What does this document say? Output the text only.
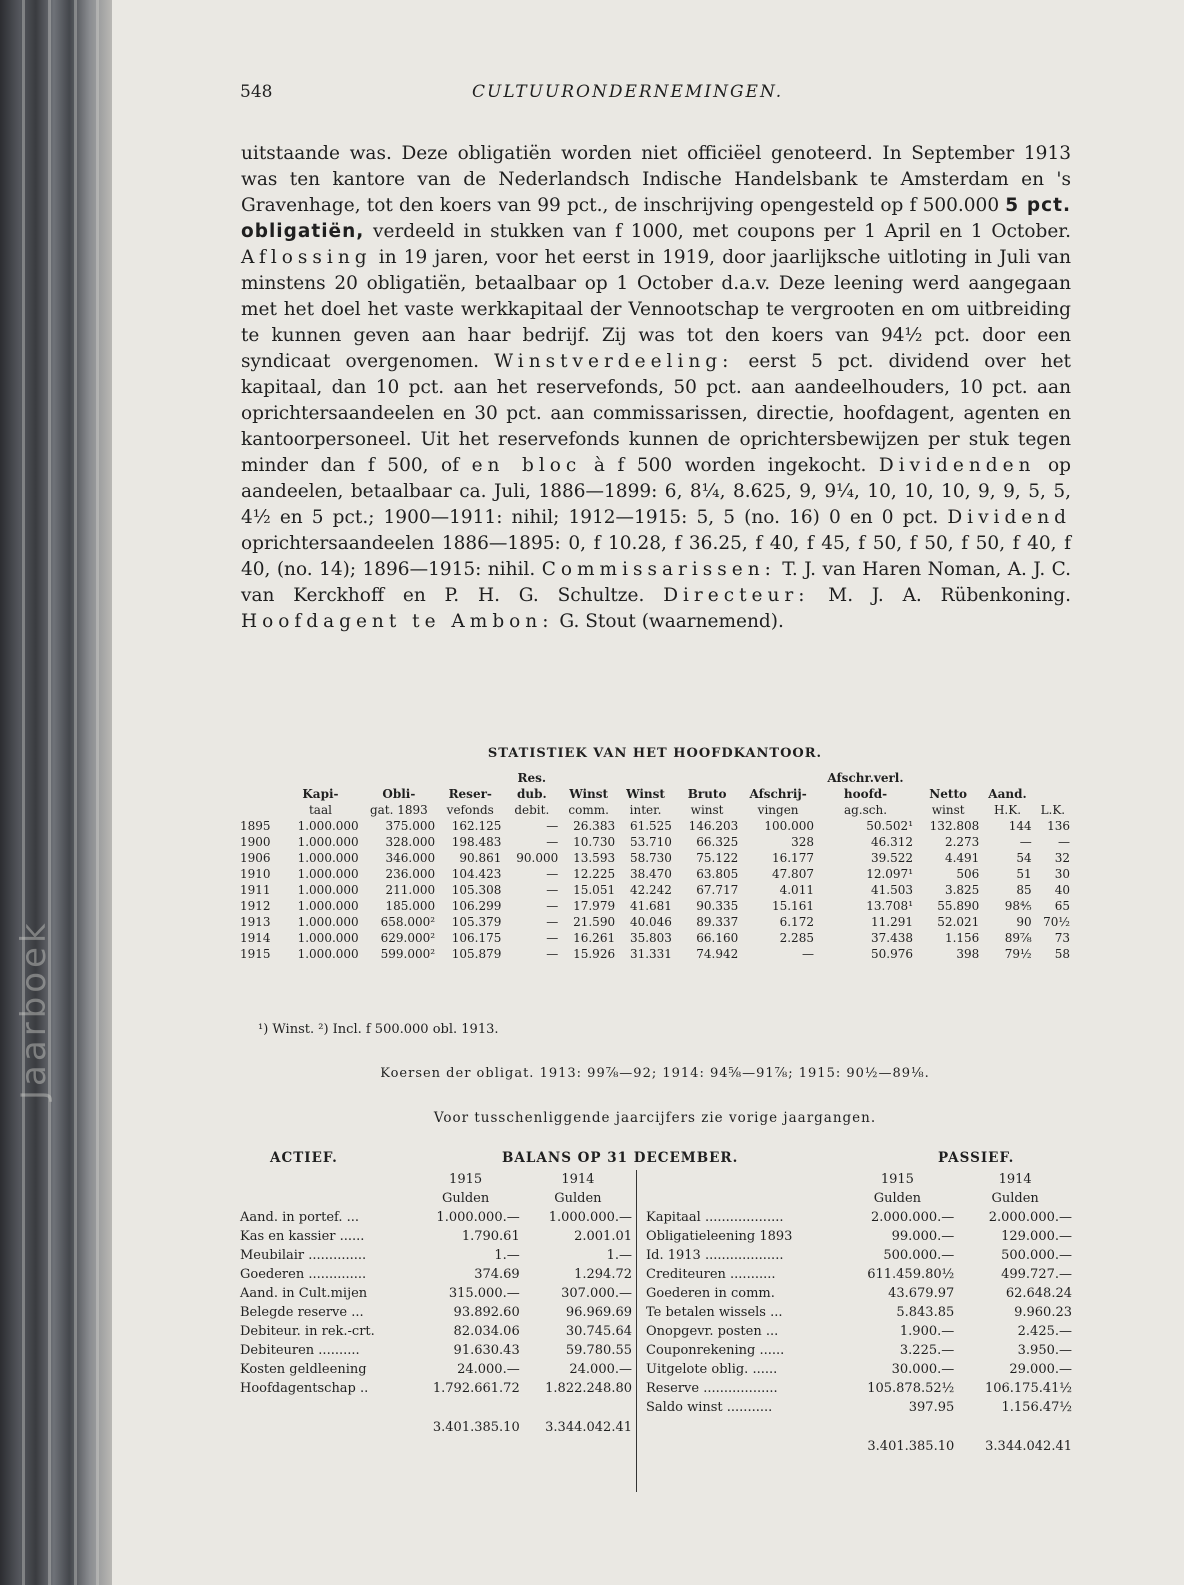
Jaarboek
548	CULTUURONDERNEMINGEN.

uitstaande was. Deze obligatiën worden niet officiëel genoteerd. In September 1913 was ten kantore van de Nederlandsch Indische Handelsbank te Amsterdam en 's Gravenhage, tot den koers van 99 pct., de inschrijving opengesteld op f 500.000 5 pct. obligatiën, verdeeld in stukken van f 1000, met coupons per 1 April en 1 October. Aflossing in 19 jaren, voor het eerst in 1919, door jaarlijksche uitloting in Juli van minstens 20 obligatiën, betaalbaar op 1 October d.a.v. Deze leening werd aangegaan met het doel het vaste werkkapitaal der Vennootschap te vergrooten en om uitbreiding te kunnen geven aan haar bedrijf. Zij was tot den koers van 94½ pct. door een syndicaat overgenomen. Winstverdeeling: eerst 5 pct. dividend over het kapitaal, dan 10 pct. aan het reservefonds, 50 pct. aan aandeelhouders, 10 pct. aan oprichtersaandeelen en 30 pct. aan commissarissen, directie, hoofdagent, agenten en kantoorpersoneel. Uit het reservefonds kunnen de oprichtersbewijzen per stuk tegen minder dan f 500, of en bloc à f 500 worden ingekocht. Dividenden op aandeelen, betaalbaar ca. Juli, 1886—1899: 6, 8¼, 8.625, 9, 9¼, 10, 10, 10, 9, 9, 5, 5, 4½ en 5 pct.; 1900—1911: nihil; 1912—1915: 5, 5 (no. 16) 0 en 0 pct. Dividend oprichtersaandeelen 1886—1895: 0, f 10.28, f 36.25, f 40, f 45, f 50, f 50, f 50, f 40, f 40, (no. 14); 1896—1915: nihil. Commissarissen: T. J. van Haren Noman, A. J. C. van Kerckhoff en P. H. G. Schultze. Directeur: M. J. A. Rübenkoning. Hoofdagent te Ambon: G. Stout (waarnemend).

STATISTIEK VAN HET HOOFDKANTOOR.
				Res.					Afschr.verl.			
	Kapi-	Obli-	Reser-	dub.	Winst	Winst	Bruto	Afschrij-	hoofd-	Netto	Aand.	
	taal	gat. 1893	vefonds	debit.	comm.	inter.	winst	vingen	ag.sch.	winst	H.K.	L.K.
1895	1.000.000	375.000	162.125	—	26.383	61.525	146.203	100.000	50.502¹	132.808	144	136
1900	1.000.000	328.000	198.483	—	10.730	53.710	66.325	328	46.312	2.273	—	—
1906	1.000.000	346.000	90.861	90.000	13.593	58.730	75.122	16.177	39.522	4.491	54	32
1910	1.000.000	236.000	104.423	—	12.225	38.470	63.805	47.807	12.097¹	506	51	30
1911	1.000.000	211.000	105.308	—	15.051	42.242	67.717	4.011	41.503	3.825	85	40
1912	1.000.000	185.000	106.299	—	17.979	41.681	90.335	15.161	13.708¹	55.890	98⅘	65
1913	1.000.000	658.000²	105.379	—	21.590	40.046	89.337	6.172	11.291	52.021	90	70½
1914	1.000.000	629.000²	106.175	—	16.261	35.803	66.160	2.285	37.438	1.156	89⅞	73
1915	1.000.000	599.000²	105.879	—	15.926	31.331	74.942	—	50.976	398	79½	58
¹) Winst. ²) Incl. f 500.000 obl. 1913.
Koersen der obligat. 1913: 99⅞—92; 1914: 94⅝—91⅞; 1915: 90½—89⅛.
Voor tusschenliggende jaarcijfers zie vorige jaargangen.
ACTIEF.	BALANS OP 31 DECEMBER.	PASSIEF.
	1915	1914
	Gulden	Gulden
Aand. in portef. ...	1.000.000.—	1.000.000.—
Kas en kassier ......	1.790.61	2.001.01
Meubilair ..............	1.—	1.—
Goederen ..............	374.69	1.294.72
Aand. in Cult.mijen	315.000.—	307.000.—
Belegde reserve ...	93.892.60	96.969.69
Debiteur. in rek.-crt.	82.034.06	30.745.64
Debiteuren ..........	91.630.43	59.780.55
Kosten geldleening	24.000.—	24.000.—
Hoofdagentschap ..	1.792.661.72	1.822.248.80
	3.401.385.10	3.344.042.41
	1915	1914
	Gulden	Gulden
Kapitaal ...................	2.000.000.—	2.000.000.—
Obligatieleening 1893	99.000.—	129.000.—
Id. 1913 ...................	500.000.—	500.000.—
Crediteuren ...........	611.459.80½	499.727.—
Goederen in comm.	43.679.97	62.648.24
Te betalen wissels ...	5.843.85	9.960.23
Onopgevr. posten ...	1.900.—	2.425.—
Couponrekening ......	3.225.—	3.950.—
Uitgelote oblig. ......	30.000.—	29.000.—
Reserve ..................	105.878.52½	106.175.41½
Saldo winst ...........	397.95	1.156.47½
	3.401.385.10	3.344.042.41
